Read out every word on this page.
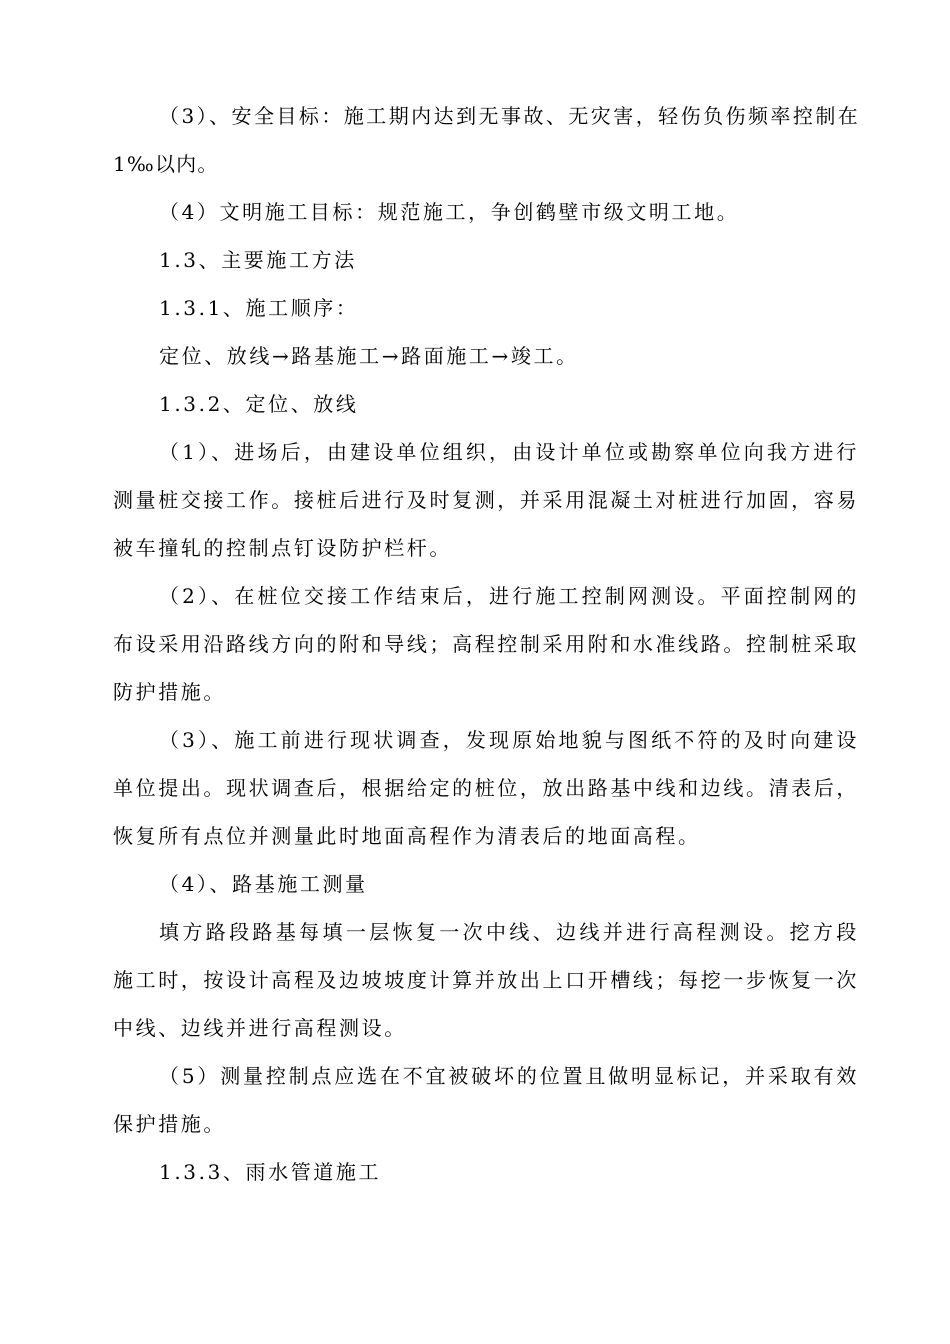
（3）、安全目标：施工期内达到无事故、无灾害，轻伤负伤频率控制在1‰以内。

（4）文明施工目标：规范施工，争创鹤壁市级文明工地。

1.3、主要施工方法

1.3.1、施工顺序：

定位、放线→路基施工→路面施工→竣工。

1.3.2、定位、放线

（1）、进场后，由建设单位组织，由设计单位或勘察单位向我方进行测量桩交接工作。接桩后进行及时复测，并采用混凝土对桩进行加固，容易被车撞轧的控制点钉设防护栏杆。

（2）、在桩位交接工作结束后，进行施工控制网测设。平面控制网的布设采用沿路线方向的附和导线；高程控制采用附和水准线路。控制桩采取防护措施。

（3）、施工前进行现状调查，发现原始地貌与图纸不符的及时向建设单位提出。现状调查后，根据给定的桩位，放出路基中线和边线。清表后，恢复所有点位并测量此时地面高程作为清表后的地面高程。

（4）、路基施工测量

填方路段路基每填一层恢复一次中线、边线并进行高程测设。挖方段施工时，按设计高程及边坡坡度计算并放出上口开槽线；每挖一步恢复一次中线、边线并进行高程测设。

（5）测量控制点应选在不宜被破坏的位置且做明显标记，并采取有效保护措施。

1.3.3、雨水管道施工
